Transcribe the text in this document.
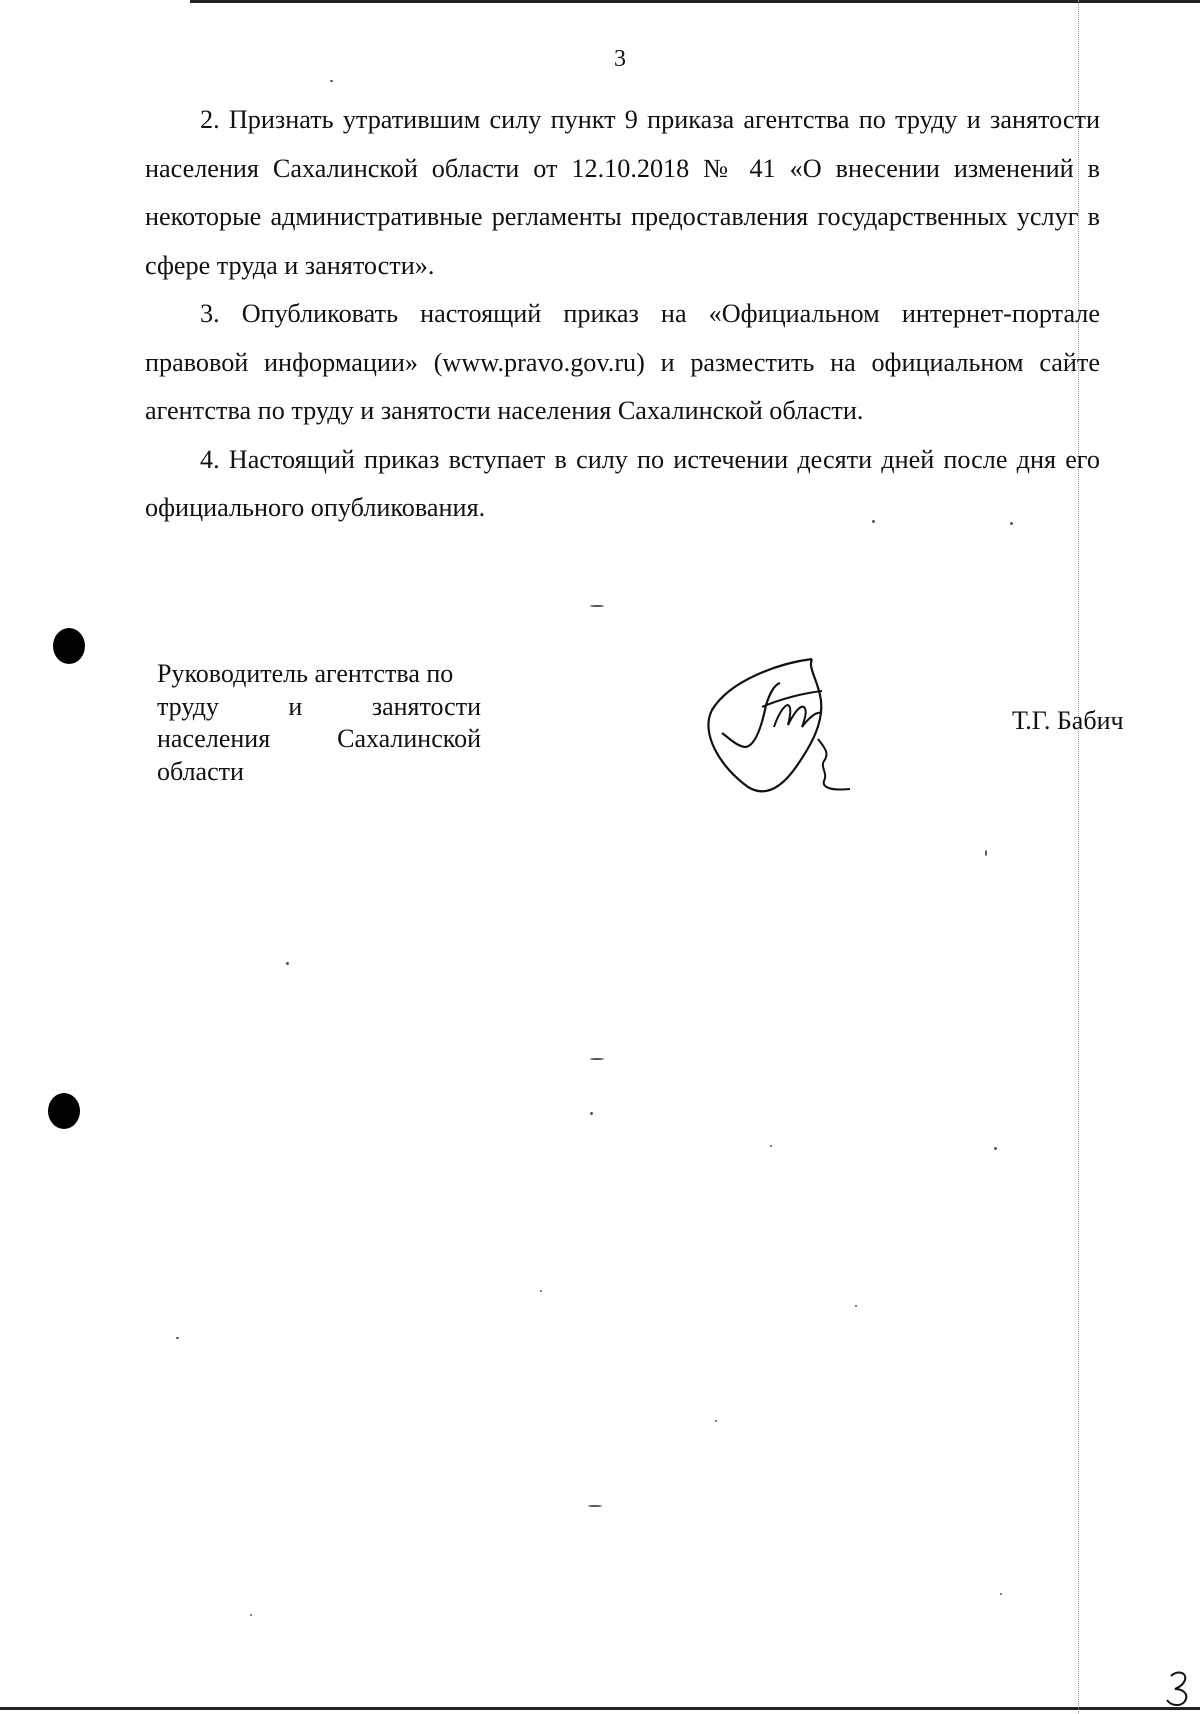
3

2. Признать утратившим силу пункт 9 приказа агентства по труду и занятости населения Сахалинской области от 12.10.2018 № 41 «О внесении изменений в некоторые административные регламенты предоставления государственных услуг в сфере труда и занятости».

3. Опубликовать настоящий приказ на «Официальном интернет-портале правовой информации» (www.pravo.gov.ru) и разместить на официальном сайте агентства по труду и занятости населения Сахалинской области.

4. Настоящий приказ вступает в силу по истечении десяти дней после дня его официального опубликования.

Руководитель агентства по
труду	и	занятости
населения	Сахалинской
области
Т.Г. Бабич
